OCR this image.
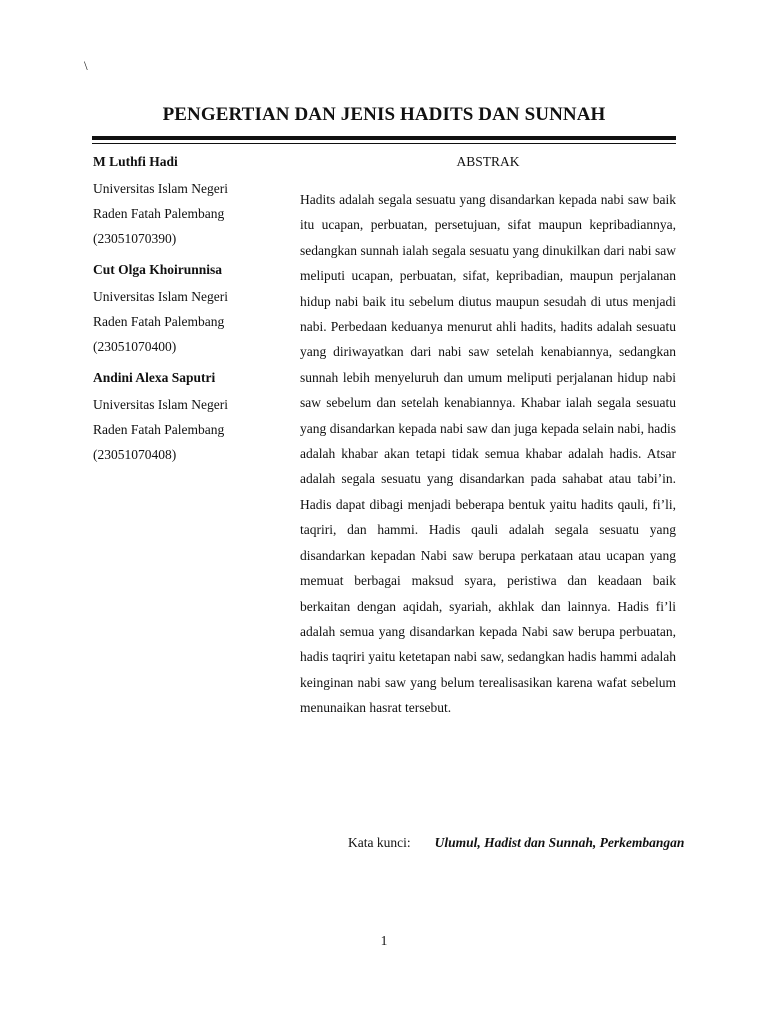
\
PENGERTIAN DAN JENIS HADITS DAN SUNNAH
M Luthfi Hadi
Universitas Islam Negeri
Raden Fatah Palembang
(23051070390)
Cut Olga Khoirunnisa
Universitas Islam Negeri
Raden Fatah Palembang
(23051070400)
Andini Alexa Saputri
Universitas Islam Negeri
Raden Fatah Palembang
(23051070408)
ABSTRAK

Hadits adalah segala sesuatu yang disandarkan kepada nabi saw baik itu ucapan, perbuatan, persetujuan, sifat maupun kepribadiannya, sedangkan sunnah ialah segala sesuatu yang dinukilkan dari nabi saw meliputi ucapan, perbuatan, sifat, kepribadian, maupun perjalanan hidup nabi baik itu sebelum diutus maupun sesudah di utus menjadi nabi. Perbedaan keduanya menurut ahli hadits, hadits adalah sesuatu yang diriwayatkan dari nabi saw setelah kenabiannya, sedangkan sunnah lebih menyeluruh dan umum meliputi perjalanan hidup nabi saw sebelum dan setelah kenabiannya. Khabar ialah segala sesuatu yang disandarkan kepada nabi saw dan juga kepada selain nabi, hadis adalah khabar akan tetapi tidak semua khabar adalah hadis. Atsar adalah segala sesuatu yang disandarkan pada sahabat atau tabi’in. Hadis dapat dibagi menjadi beberapa bentuk yaitu hadits qauli, fi’li, taqriri, dan hammi. Hadis qauli adalah segala sesuatu yang disandarkan kepadan Nabi saw berupa perkataan atau ucapan yang memuat berbagai maksud syara, peristiwa dan keadaan baik berkaitan dengan aqidah, syariah, akhlak dan lainnya. Hadis fi’li adalah semua yang disandarkan kepada Nabi saw berupa perbuatan, hadis taqriri yaitu ketetapan nabi saw, sedangkan hadis hammi adalah keinginan nabi saw yang belum terealisasikan karena wafat sebelum menunaikan hasrat tersebut.

Kata kunci: Ulumul, Hadist dan Sunnah, Perkembangan
1
